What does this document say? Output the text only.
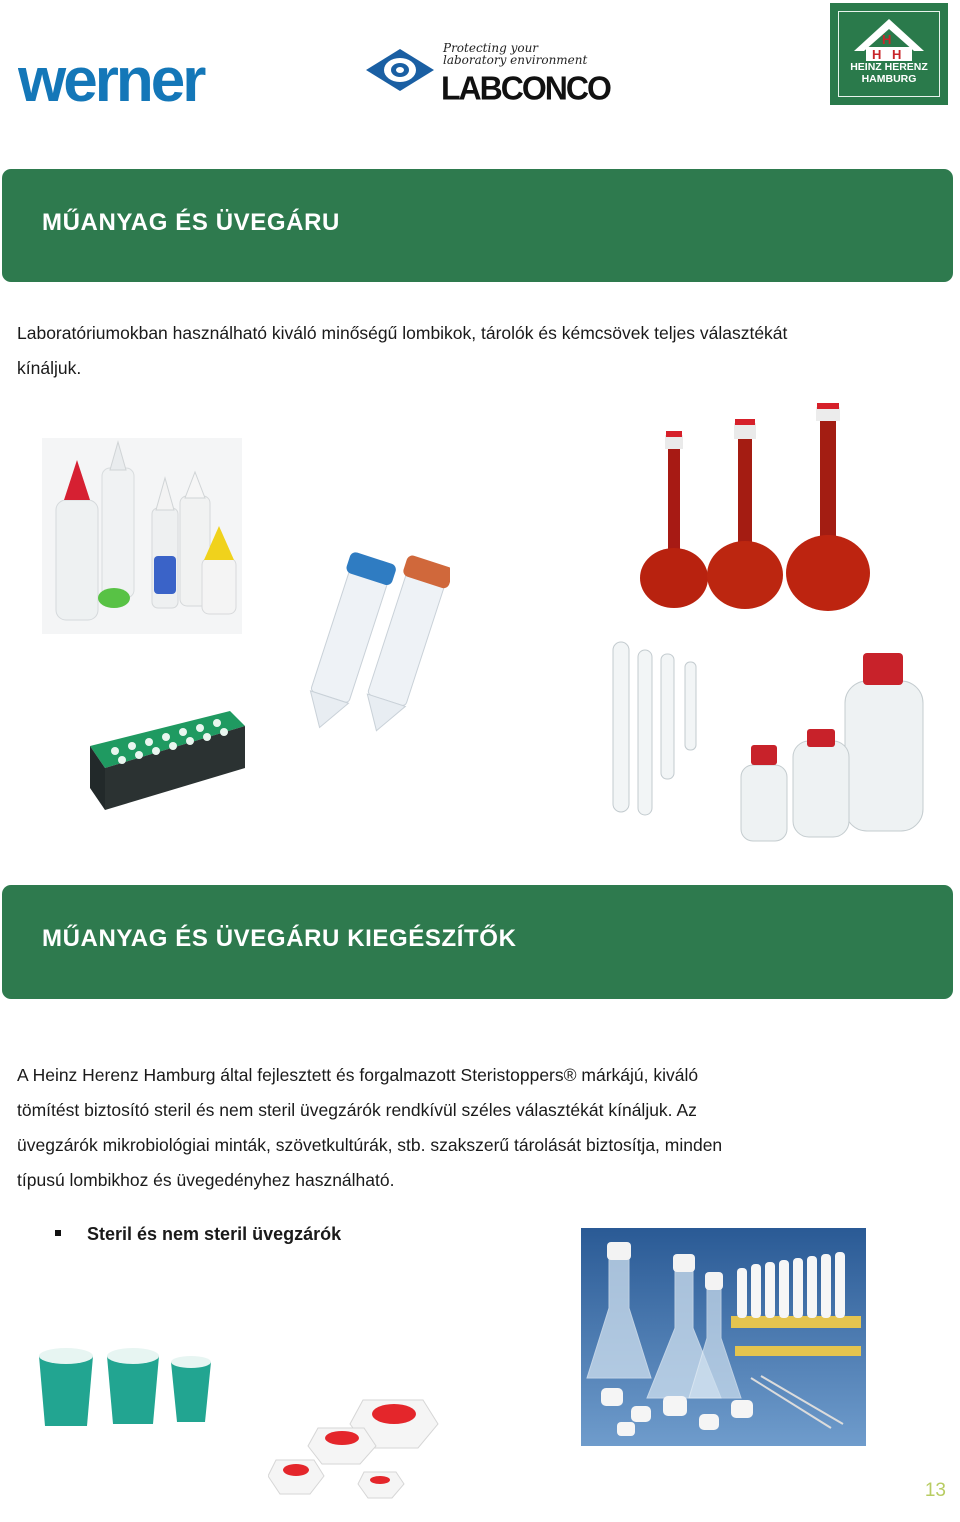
werner	Protecting your
laboratory environment
LABCONCO
H
H H
HEINZ HERENZ
HAMBURG
MŰANYAG ÉS ÜVEGÁRU
Laboratóriumokban használható kiváló minőségű lombikok, tárolók és kémcsövek teljes választékát
kínáljuk.
MŰANYAG ÉS ÜVEGÁRU KIEGÉSZÍTŐK
A Heinz Herenz Hamburg által fejlesztett és forgalmazott Steristoppers® márkájú, kiváló
tömítést biztosító steril és nem steril üvegzárók rendkívül széles választékát kínáljuk. Az
üvegzárók mikrobiológiai minták, szövetkultúrák, stb. szakszerű tárolását biztosítja, minden
típusú lombikhoz és üvegedényhez használható.
Steril és nem steril üvegzárók
13
